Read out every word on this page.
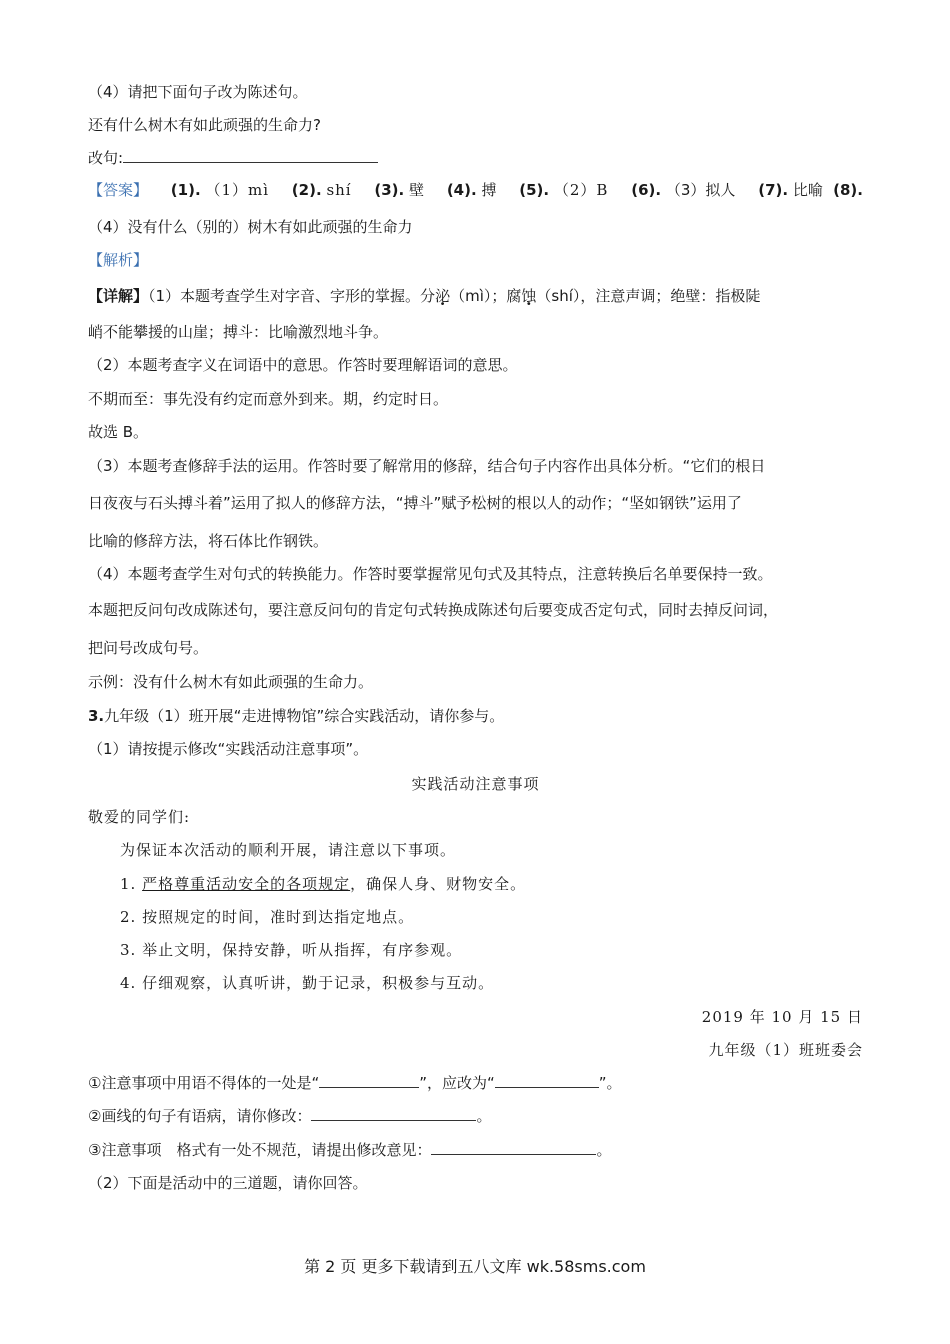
（4）请把下面句子改为陈述句。
还有什么树木有如此顽强的生命力?
改句:
【答案】 (1). （1）mì (2). shí (3). 壁 (4). 搏 (5). （2）B (6). （3）拟人 (7). 比喻 (8).
（4）没有什么（别的）树木有如此顽强的生命力
【解析】
【详解】（1）本题考查学生对字音、字形的掌握。分泌（mì）；腐蚀（shí），注意声调；绝壁：指极陡
峭不能攀援的山崖；搏斗：比喻激烈地斗争。
（2）本题考查字义在词语中的意思。作答时要理解语词的意思。
不期而至：事先没有约定而意外到来。期，约定时日。
故选 B。
（3）本题考查修辞手法的运用。作答时要了解常用的修辞，结合句子内容作出具体分析。“它们的根日
日夜夜与石头搏斗着”运用了拟人的修辞方法，“搏斗”赋予松树的根以人的动作；“坚如钢铁”运用了
比喻的修辞方法，将石体比作钢铁。
（4）本题考查学生对句式的转换能力。作答时要掌握常见句式及其特点，注意转换后名单要保持一致。
本题把反问句改成陈述句，要注意反问句的肯定句式转换成陈述句后要变成否定句式，同时去掉反问词，
把问号改成句号。
示例：没有什么树木有如此顽强的生命力。
3.九年级（1）班开展“走进博物馆”综合实践活动，请你参与。
（1）请按提示修改“实践活动注意事项”。
实践活动注意事项
敬爱的同学们:
为保证本次活动的顺利开展，请注意以下事项。
1. 严格尊重活动安全的各项规定，确保人身、财物安全。
2. 按照规定的时间，准时到达指定地点。
3. 举止文明，保持安静，听从指挥，有序参观。
4. 仔细观察，认真听讲，勤于记录，积极参与互动。
2019 年 10 月 15 日
九年级（1）班班委会
①注意事项中用语不得体的一处是“	”，应改为“	”。
②画线的句子有语病，请你修改：	。
③注意事项　格式有一处不规范，请提出修改意见：	。
（2）下面是活动中的三道题，请你回答。
第 2 页 更多下载请到五八文库 wk.58sms.com
